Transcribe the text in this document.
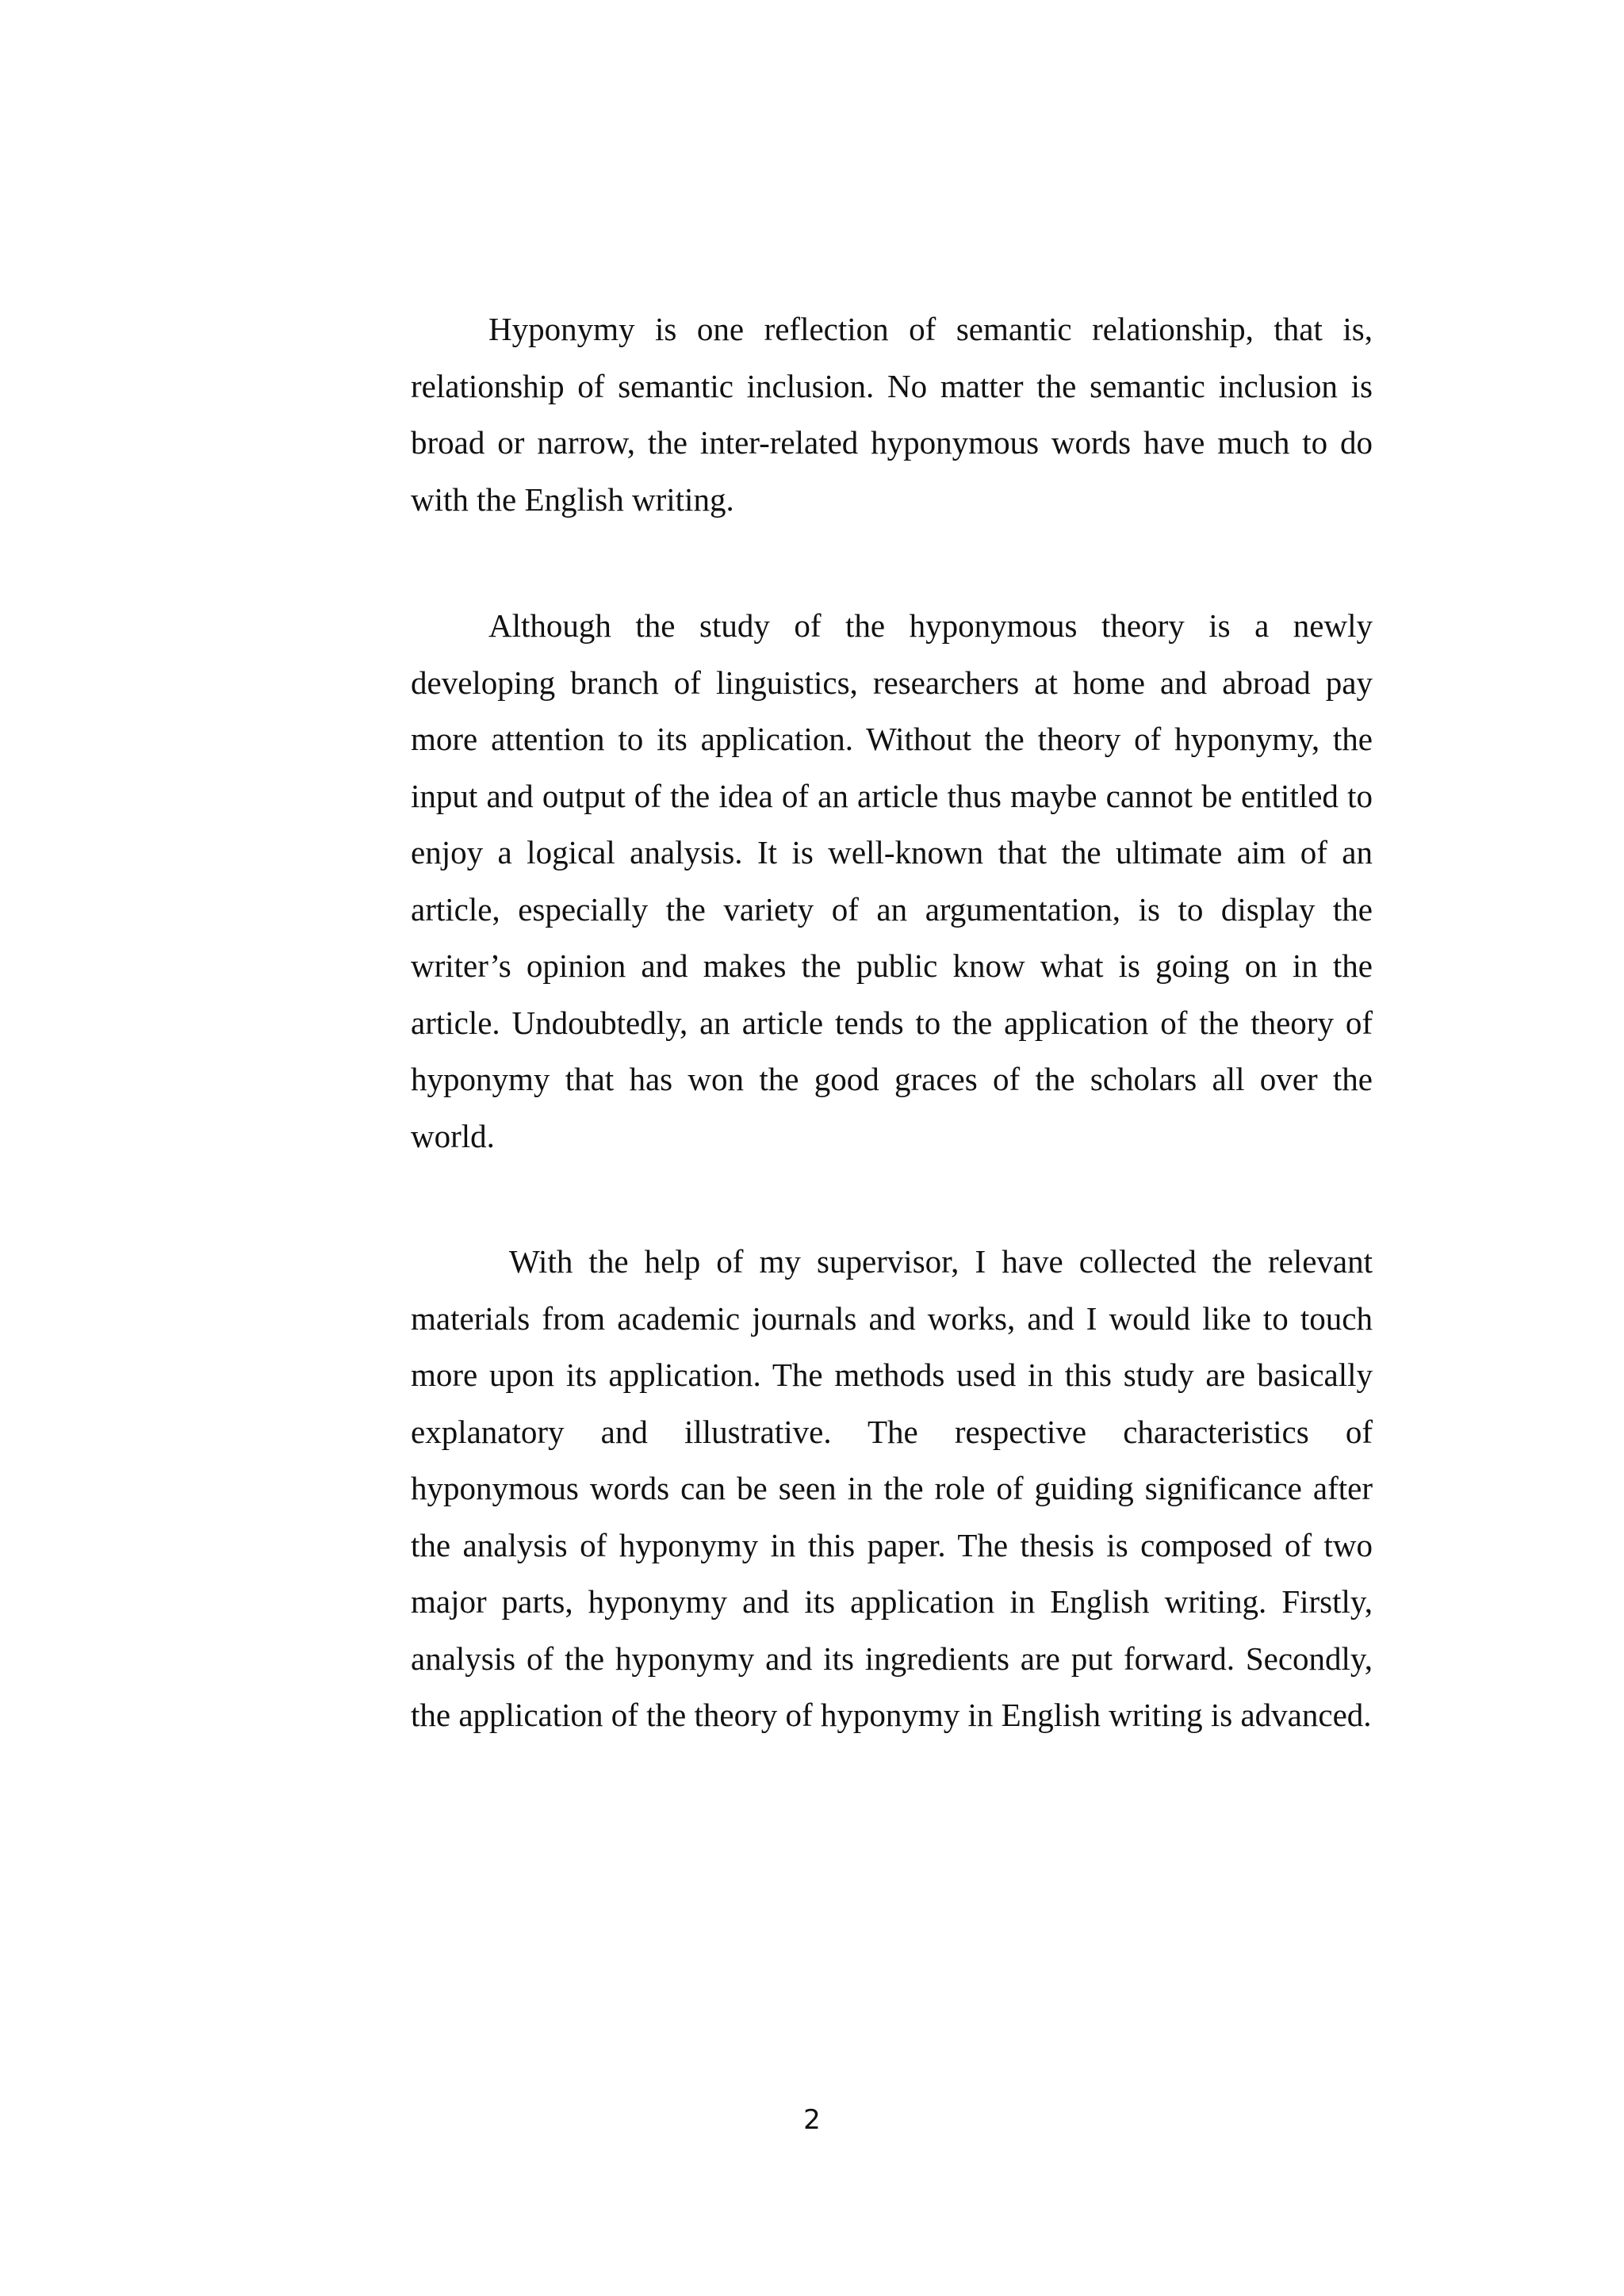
Hyponymy is one reflection of semantic relationship, that is, relationship of semantic inclusion. No matter the semantic inclusion is broad or narrow, the inter-related hyponymous words have much to do with the English writing.

Although the study of the hyponymous theory is a newly developing branch of linguistics, researchers at home and abroad pay more attention to its application. Without the theory of hyponymy, the input and output of the idea of an article thus maybe cannot be entitled to enjoy a logical analysis. It is well-known that the ultimate aim of an article, especially the variety of an argumentation, is to display the writer’s opinion and makes the public know what is going on in the article. Undoubtedly, an article tends to the application of the theory of hyponymy that has won the good graces of the scholars all over the world.

With the help of my supervisor, I have collected the relevant materials from academic journals and works, and I would like to touch more upon its application. The methods used in this study are basically explanatory and illustrative. The respective characteristics of hyponymous words can be seen in the role of guiding significance after the analysis of hyponymy in this paper. The thesis is composed of two major parts, hyponymy and its application in English writing. Firstly, analysis of the hyponymy and its ingredients are put forward. Secondly, the application of the theory of hyponymy in English writing is advanced.

2
